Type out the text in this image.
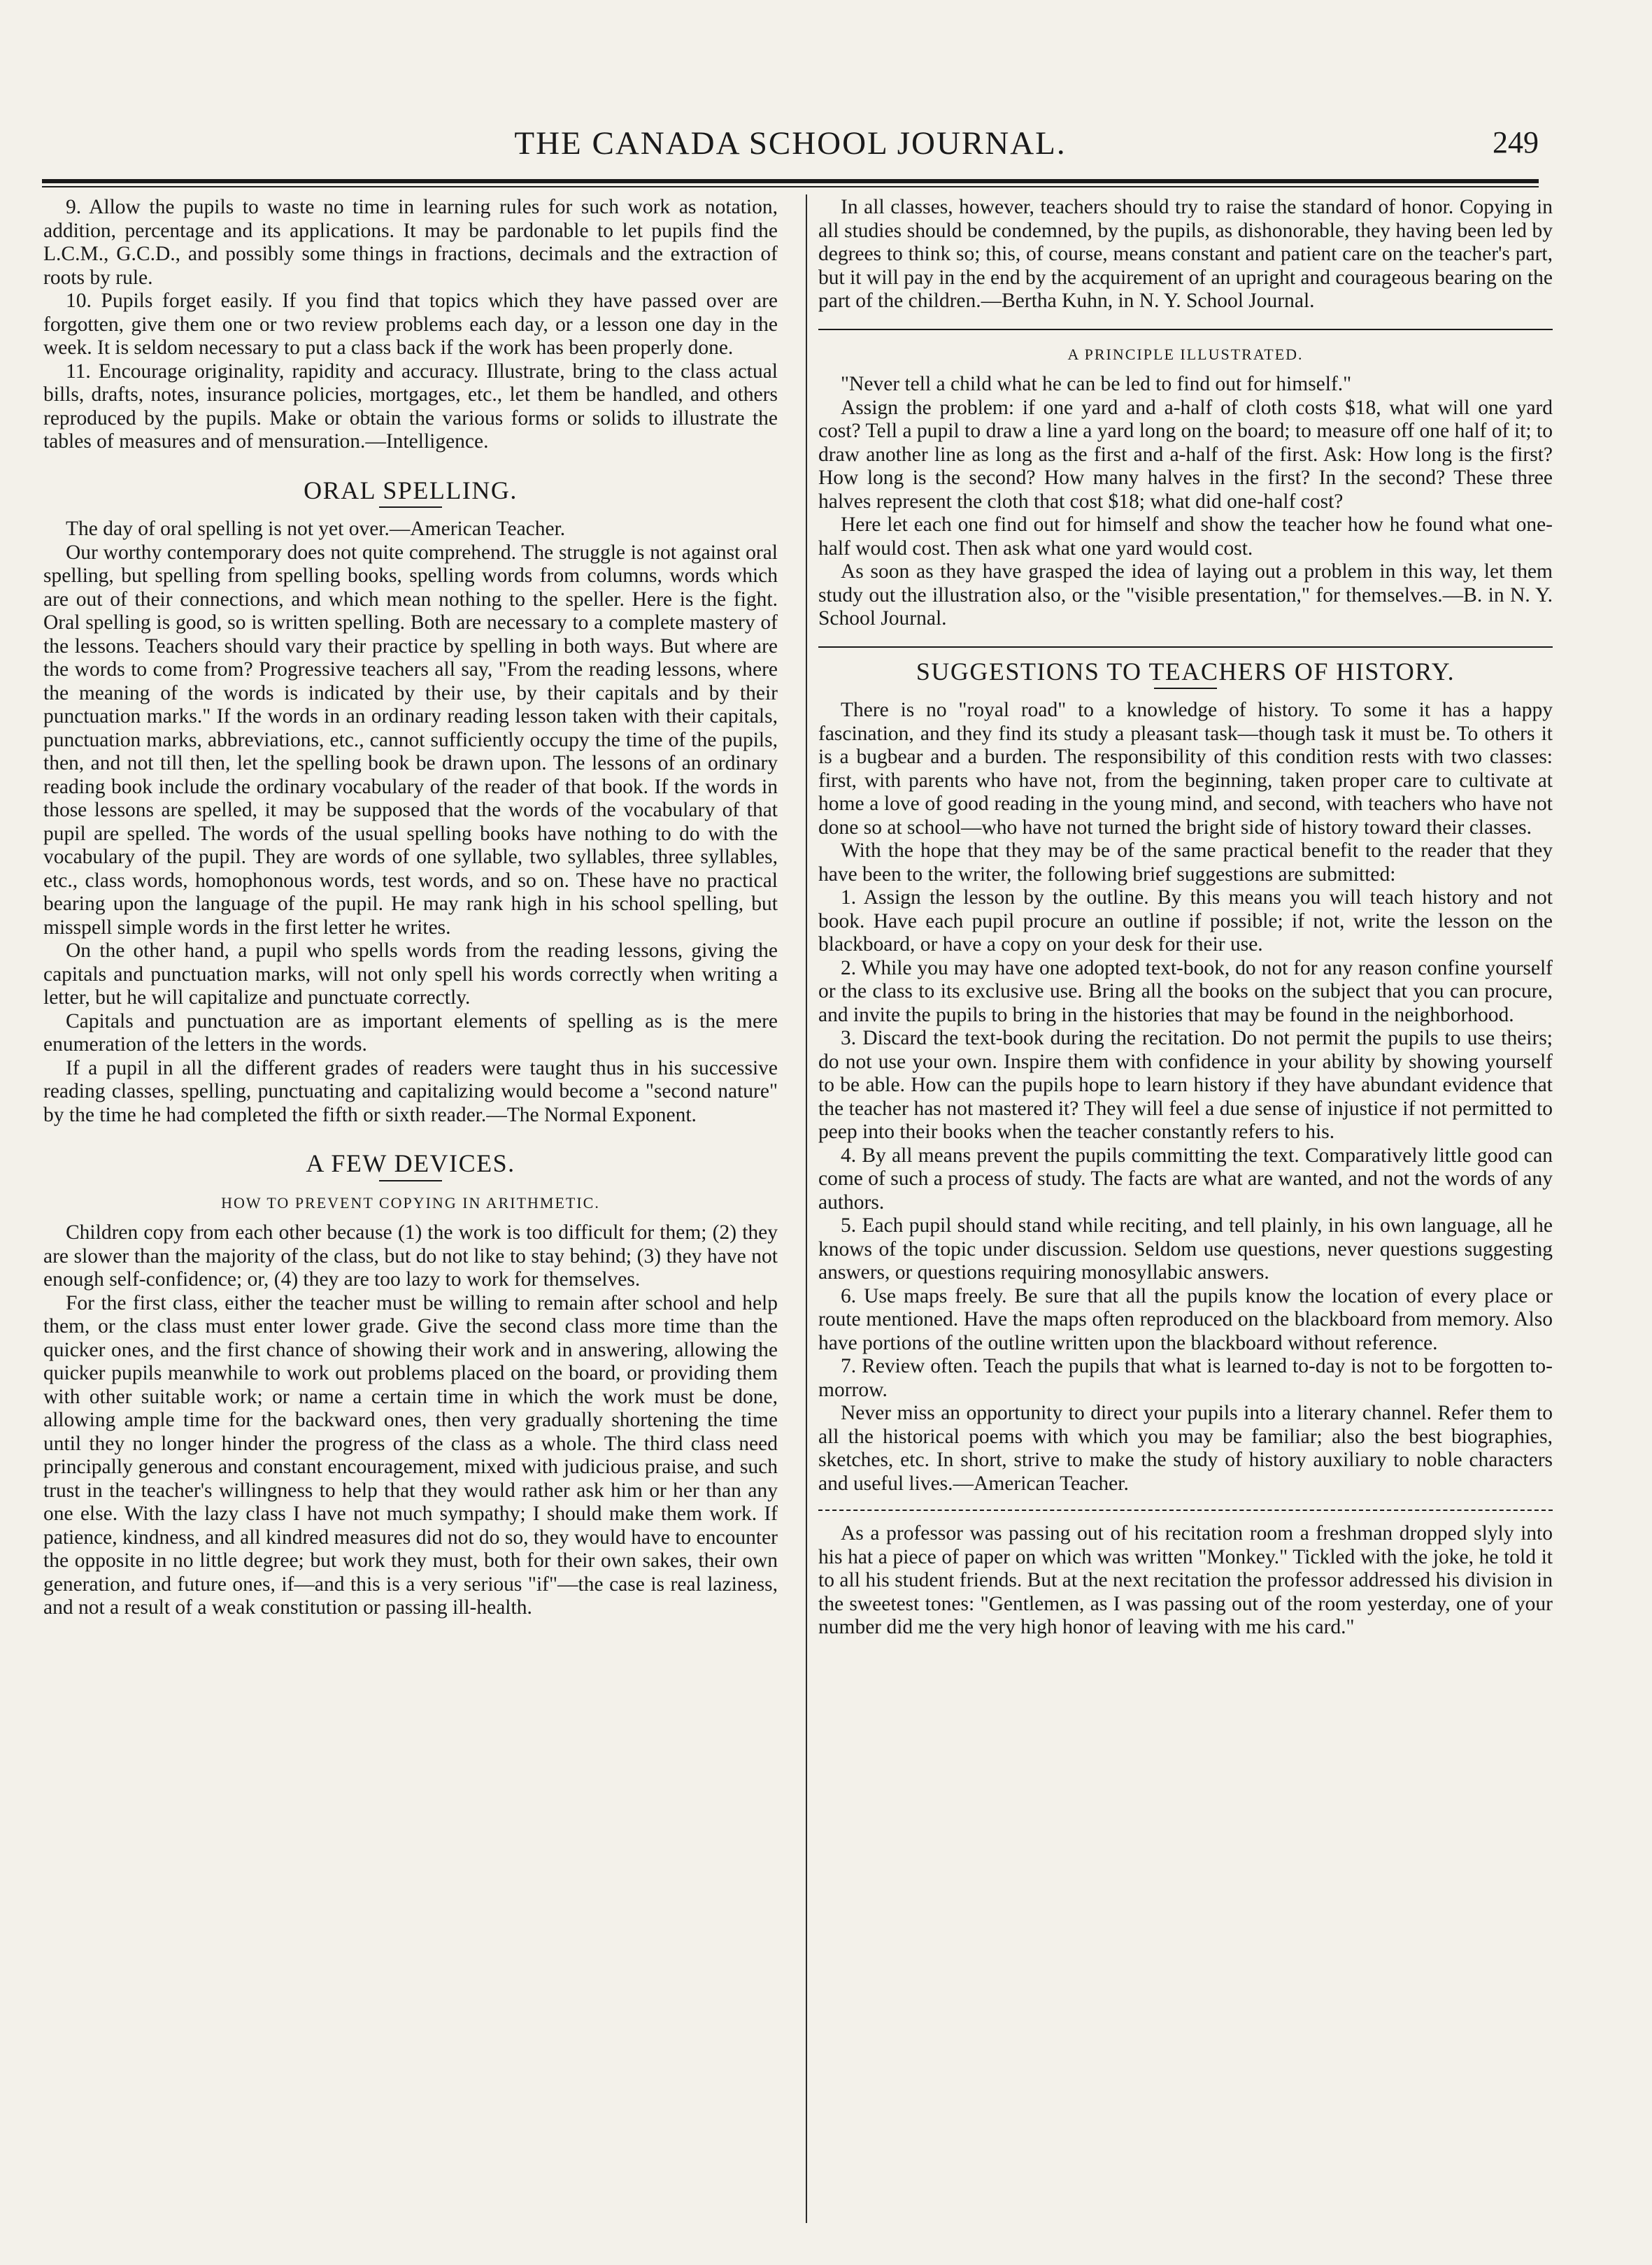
THE CANADA SCHOOL JOURNAL.	249

9. Allow the pupils to waste no time in learning rules for such work as notation, addition, percentage and its applications. It may be pardonable to let pupils find the L.C.M., G.C.D., and possibly some things in fractions, decimals and the extraction of roots by rule.

10. Pupils forget easily. If you find that topics which they have passed over are forgotten, give them one or two review problems each day, or a lesson one day in the week. It is seldom necessary to put a class back if the work has been properly done.

11. Encourage originality, rapidity and accuracy. Illustrate, bring to the class actual bills, drafts, notes, insurance policies, mortgages, etc., let them be handled, and others reproduced by the pupils. Make or obtain the various forms or solids to illustrate the tables of measures and of mensuration.—Intelligence.

ORAL SPELLING.

The day of oral spelling is not yet over.—American Teacher.

Our worthy contemporary does not quite comprehend. The struggle is not against oral spelling, but spelling from spelling books, spelling words from columns, words which are out of their connections, and which mean nothing to the speller. Here is the fight. Oral spelling is good, so is written spelling. Both are necessary to a complete mastery of the lessons. Teachers should vary their practice by spelling in both ways. But where are the words to come from? Progressive teachers all say, "From the reading lessons, where the meaning of the words is indicated by their use, by their capitals and by their punctuation marks." If the words in an ordinary reading lesson taken with their capitals, punctuation marks, abbreviations, etc., cannot sufficiently occupy the time of the pupils, then, and not till then, let the spelling book be drawn upon. The lessons of an ordinary reading book include the ordinary vocabulary of the reader of that book. If the words in those lessons are spelled, it may be supposed that the words of the vocabulary of that pupil are spelled. The words of the usual spelling books have nothing to do with the vocabulary of the pupil. They are words of one syllable, two syllables, three syllables, etc., class words, homophonous words, test words, and so on. These have no practical bearing upon the language of the pupil. He may rank high in his school spelling, but misspell simple words in the first letter he writes.

On the other hand, a pupil who spells words from the reading lessons, giving the capitals and punctuation marks, will not only spell his words correctly when writing a letter, but he will capitalize and punctuate correctly.

Capitals and punctuation are as important elements of spelling as is the mere enumeration of the letters in the words.

If a pupil in all the different grades of readers were taught thus in his successive reading classes, spelling, punctuating and capitalizing would become a "second nature" by the time he had completed the fifth or sixth reader.—The Normal Exponent.

A FEW DEVICES.
HOW TO PREVENT COPYING IN ARITHMETIC.

Children copy from each other because (1) the work is too difficult for them; (2) they are slower than the majority of the class, but do not like to stay behind; (3) they have not enough self-confidence; or, (4) they are too lazy to work for themselves.

For the first class, either the teacher must be willing to remain after school and help them, or the class must enter lower grade. Give the second class more time than the quicker ones, and the first chance of showing their work and in answering, allowing the quicker pupils meanwhile to work out problems placed on the board, or providing them with other suitable work; or name a certain time in which the work must be done, allowing ample time for the backward ones, then very gradually shortening the time until they no longer hinder the progress of the class as a whole. The third class need principally generous and constant encouragement, mixed with judicious praise, and such trust in the teacher's willingness to help that they would rather ask him or her than any one else. With the lazy class I have not much sympathy; I should make them work. If patience, kindness, and all kindred measures did not do so, they would have to encounter the opposite in no little degree; but work they must, both for their own sakes, their own generation, and future ones, if—and this is a very serious "if"—the case is real laziness, and not a result of a weak constitution or passing ill-health.

In all classes, however, teachers should try to raise the standard of honor. Copying in all studies should be condemned, by the pupils, as dishonorable, they having been led by degrees to think so; this, of course, means constant and patient care on the teacher's part, but it will pay in the end by the acquirement of an upright and courageous bearing on the part of the children.—Bertha Kuhn, in N. Y. School Journal.

A PRINCIPLE ILLUSTRATED.

"Never tell a child what he can be led to find out for himself."

Assign the problem: if one yard and a-half of cloth costs $18, what will one yard cost? Tell a pupil to draw a line a yard long on the board; to measure off one half of it; to draw another line as long as the first and a-half of the first. Ask: How long is the first? How long is the second? How many halves in the first? In the second? These three halves represent the cloth that cost $18; what did one-half cost?

Here let each one find out for himself and show the teacher how he found what one-half would cost. Then ask what one yard would cost.

As soon as they have grasped the idea of laying out a problem in this way, let them study out the illustration also, or the "visible presentation," for themselves.—B. in N. Y. School Journal.

SUGGESTIONS TO TEACHERS OF HISTORY.

There is no "royal road" to a knowledge of history. To some it has a happy fascination, and they find its study a pleasant task—though task it must be. To others it is a bugbear and a burden. The responsibility of this condition rests with two classes: first, with parents who have not, from the beginning, taken proper care to cultivate at home a love of good reading in the young mind, and second, with teachers who have not done so at school—who have not turned the bright side of history toward their classes.

With the hope that they may be of the same practical benefit to the reader that they have been to the writer, the following brief suggestions are submitted:

1. Assign the lesson by the outline. By this means you will teach history and not book. Have each pupil procure an outline if possible; if not, write the lesson on the blackboard, or have a copy on your desk for their use.

2. While you may have one adopted text-book, do not for any reason confine yourself or the class to its exclusive use. Bring all the books on the subject that you can procure, and invite the pupils to bring in the histories that may be found in the neighborhood.

3. Discard the text-book during the recitation. Do not permit the pupils to use theirs; do not use your own. Inspire them with confidence in your ability by showing yourself to be able. How can the pupils hope to learn history if they have abundant evidence that the teacher has not mastered it? They will feel a due sense of injustice if not permitted to peep into their books when the teacher constantly refers to his.

4. By all means prevent the pupils committing the text. Comparatively little good can come of such a process of study. The facts are what are wanted, and not the words of any authors.

5. Each pupil should stand while reciting, and tell plainly, in his own language, all he knows of the topic under discussion. Seldom use questions, never questions suggesting answers, or questions requiring monosyllabic answers.

6. Use maps freely. Be sure that all the pupils know the location of every place or route mentioned. Have the maps often reproduced on the blackboard from memory. Also have portions of the outline written upon the blackboard without reference.

7. Review often. Teach the pupils that what is learned to-day is not to be forgotten to-morrow.

Never miss an opportunity to direct your pupils into a literary channel. Refer them to all the historical poems with which you may be familiar; also the best biographies, sketches, etc. In short, strive to make the study of history auxiliary to noble characters and useful lives.—American Teacher.

As a professor was passing out of his recitation room a freshman dropped slyly into his hat a piece of paper on which was written "Monkey." Tickled with the joke, he told it to all his student friends. But at the next recitation the professor addressed his division in the sweetest tones: "Gentlemen, as I was passing out of the room yesterday, one of your number did me the very high honor of leaving with me his card."
